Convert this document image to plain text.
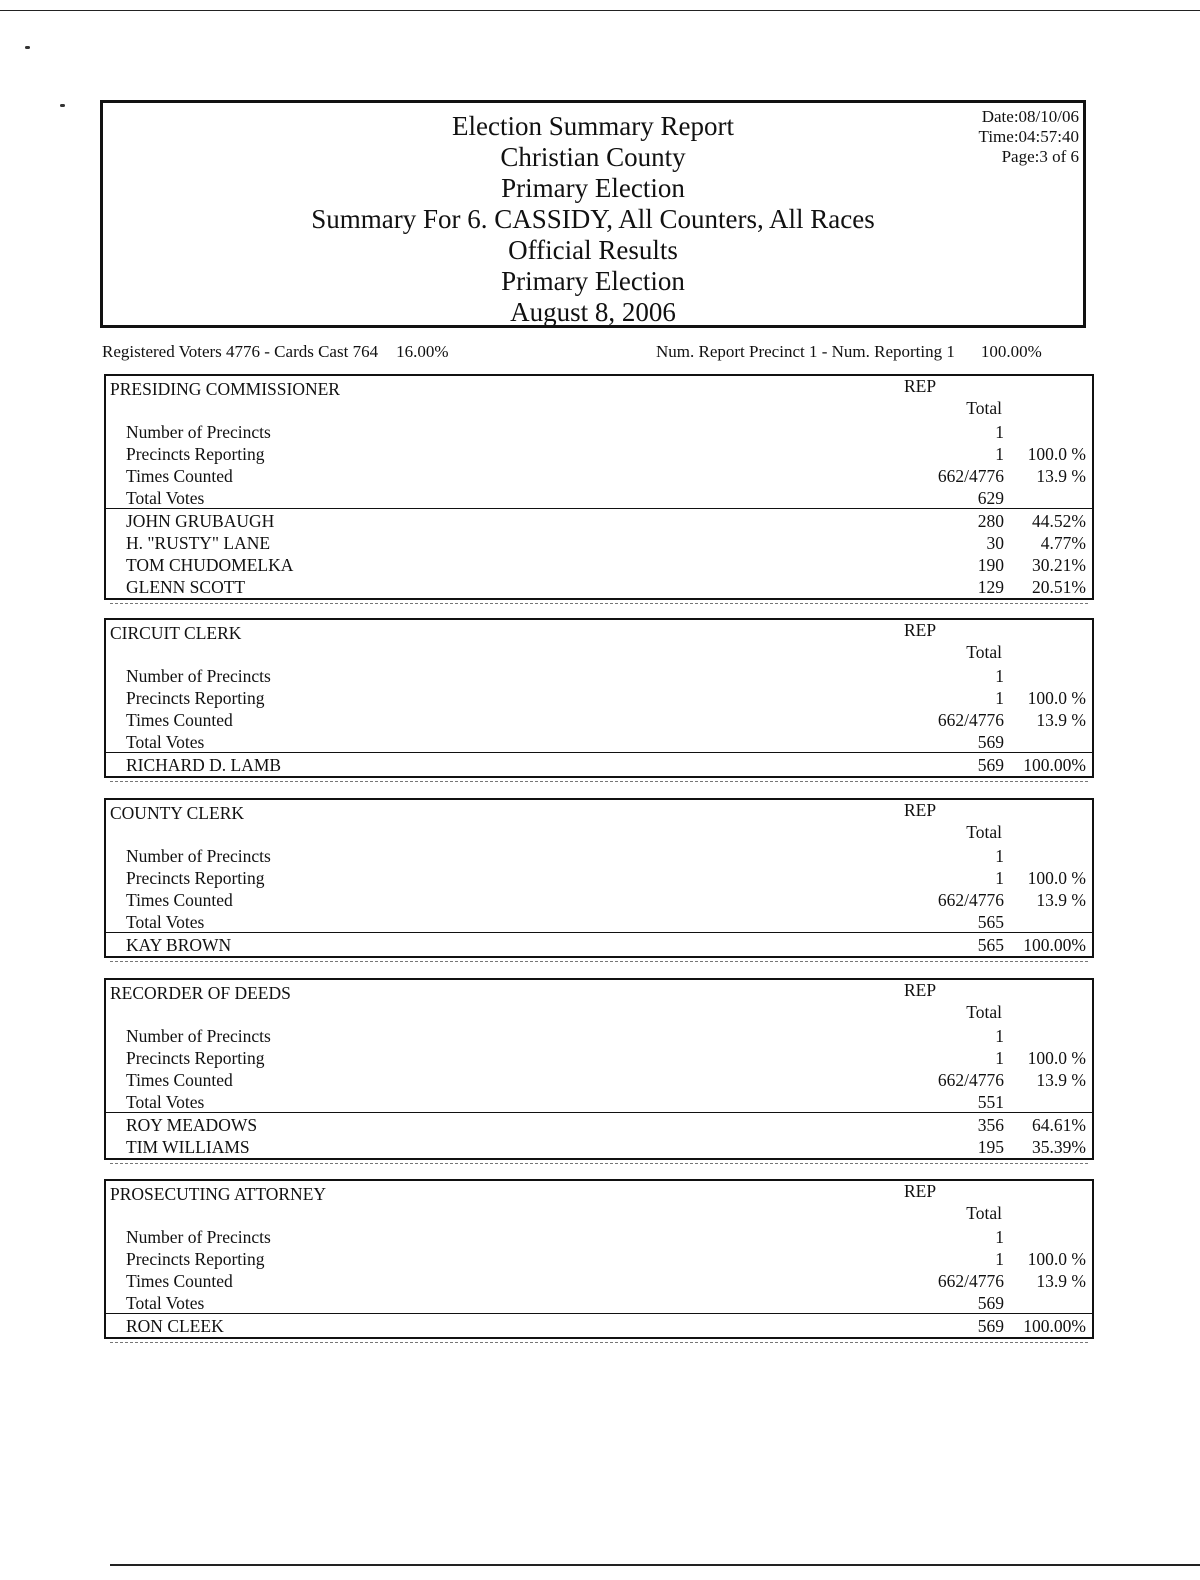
Election Summary Report
Christian County
Primary Election
Summary For 6. CASSIDY, All Counters, All Races
Official Results
Primary Election
August 8, 2006
Date:08/10/06
Time:04:57:40
Page:3 of 6
Registered Voters 4776 - Cards Cast 764 16.00%	Num. Report Precinct 1 - Num. Reporting 1 100.00%
PRESIDING COMMISSIONER	REP
Total
Number of Precincts	1
Precincts Reporting	1 100.0 %
Times Counted	662/4776 13.9 %
Total Votes	629
JOHN GRUBAUGH	280 44.52%
H. "RUSTY" LANE	30 4.77%
TOM CHUDOMELKA	190 30.21%
GLENN SCOTT	129 20.51%
CIRCUIT CLERK	REP
Total
Number of Precincts	1
Precincts Reporting	1 100.0 %
Times Counted	662/4776 13.9 %
Total Votes	569
RICHARD D. LAMB	569 100.00%
COUNTY CLERK	REP
Total
Number of Precincts	1
Precincts Reporting	1 100.0 %
Times Counted	662/4776 13.9 %
Total Votes	565
KAY BROWN	565 100.00%
RECORDER OF DEEDS	REP
Total
Number of Precincts	1
Precincts Reporting	1 100.0 %
Times Counted	662/4776 13.9 %
Total Votes	551
ROY MEADOWS	356 64.61%
TIM WILLIAMS	195 35.39%
PROSECUTING ATTORNEY	REP
Total
Number of Precincts	1
Precincts Reporting	1 100.0 %
Times Counted	662/4776 13.9 %
Total Votes	569
RON CLEEK	569 100.00%
